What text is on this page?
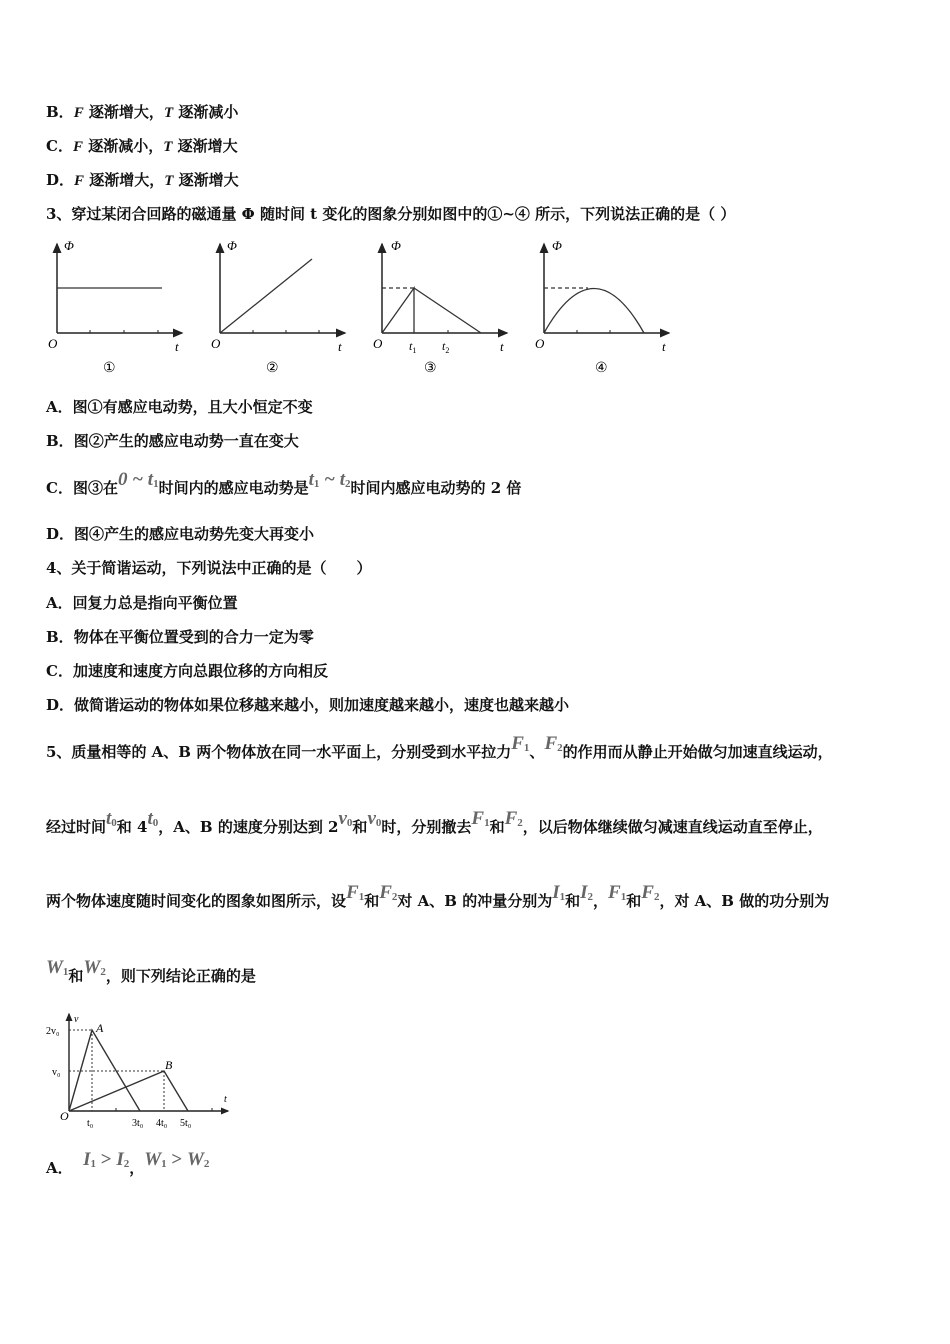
B．F 逐渐增大，T 逐渐减小
C．F 逐渐减小，T 逐渐增大
D．F 逐渐增大，T 逐渐增大
3、穿过某闭合回路的磁通量 Φ 随时间 t 变化的图象分别如图中的①~④ 所示，下列说法正确的是（ ）
Φ
O	t
①
Φ
O	t
②
Φ
O $t_1$ $t_2$	t
③
Φ
O	t
④
A．图①有感应电动势，且大小恒定不变
B．图②产生的感应电动势一直在变大
C．图③在0 ~ $t_1$时间内的感应电动势是$t_1$ ~ $t_2$时间内感应电动势的 2 倍
D．图④产生的感应电动势先变大再变小
4、关于简谐运动，下列说法中正确的是（　　）
A．回复力总是指向平衡位置
B．物体在平衡位置受到的合力一定为零
C．加速度和速度方向总跟位移的方向相反
D．做简谐运动的物体如果位移越来越小，则加速度越来越小，速度也越来越小
5、质量相等的 A、B 两个物体放在同一水平面上，分别受到水平拉力$F_1$、$F_2$的作用而从静止开始做匀加速直线运动，
经过时间$t_0$和 $4t_0$，A、B 的速度分别达到 $2v_0$和$v_0$时，分别撤去$F_1$和$F_2$，以后物体继续做匀减速直线运动直至停止，
两个物体速度随时间变化的图象如图所示，设$F_1$和$F_2$对 A、B 的冲量分别为$I_1$和$I_2$，$F_1$和$F_2$，对 A、B 做的功分别为
$W_1$和$W_2$，则下列结论正确的是
v
2v₀
v₀
A
B
O
t₀	3t₀ 4t₀ 5t₀
t
A． $I_1 > I_2$，$W_1 > W_2$
